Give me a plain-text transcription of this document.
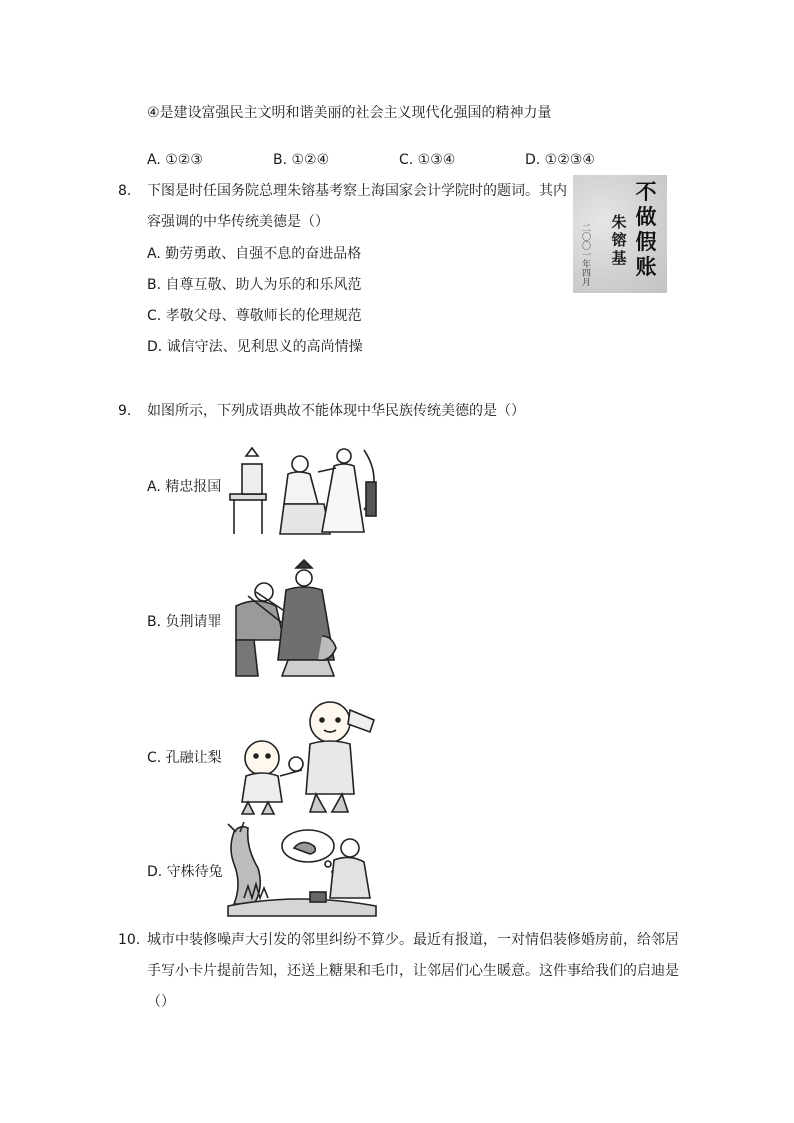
④是建设富强民主文明和谐美丽的社会主义现代化强国的精神力量
A. ①②③	B. ①②④	C. ①③④	D. ①②③④
8. 下图是时任国务院总理朱镕基考察上海国家会计学院时的题词。其内
容强调的中华传统美德是（）
A. 勤劳勇敢、自强不息的奋进品格
B. 自尊互敬、助人为乐的和乐风范
C. 孝敬父母、尊敬师长的伦理规范
D. 诚信守法、见利思义的高尚情操
不
做
假
账
朱
镕
基
二〇〇一年四月
9. 如图所示，下列成语典故不能体现中华民族传统美德的是（）
A. 精忠报国
B. 负荆请罪
C. 孔融让梨
D. 守株待兔
10. 城市中装修噪声大引发的邻里纠纷不算少。最近有报道，一对情侣装修婚房前，给邻居
手写小卡片提前告知，还送上糖果和毛巾，让邻居们心生暖意。这件事给我们的启迪是
（）
